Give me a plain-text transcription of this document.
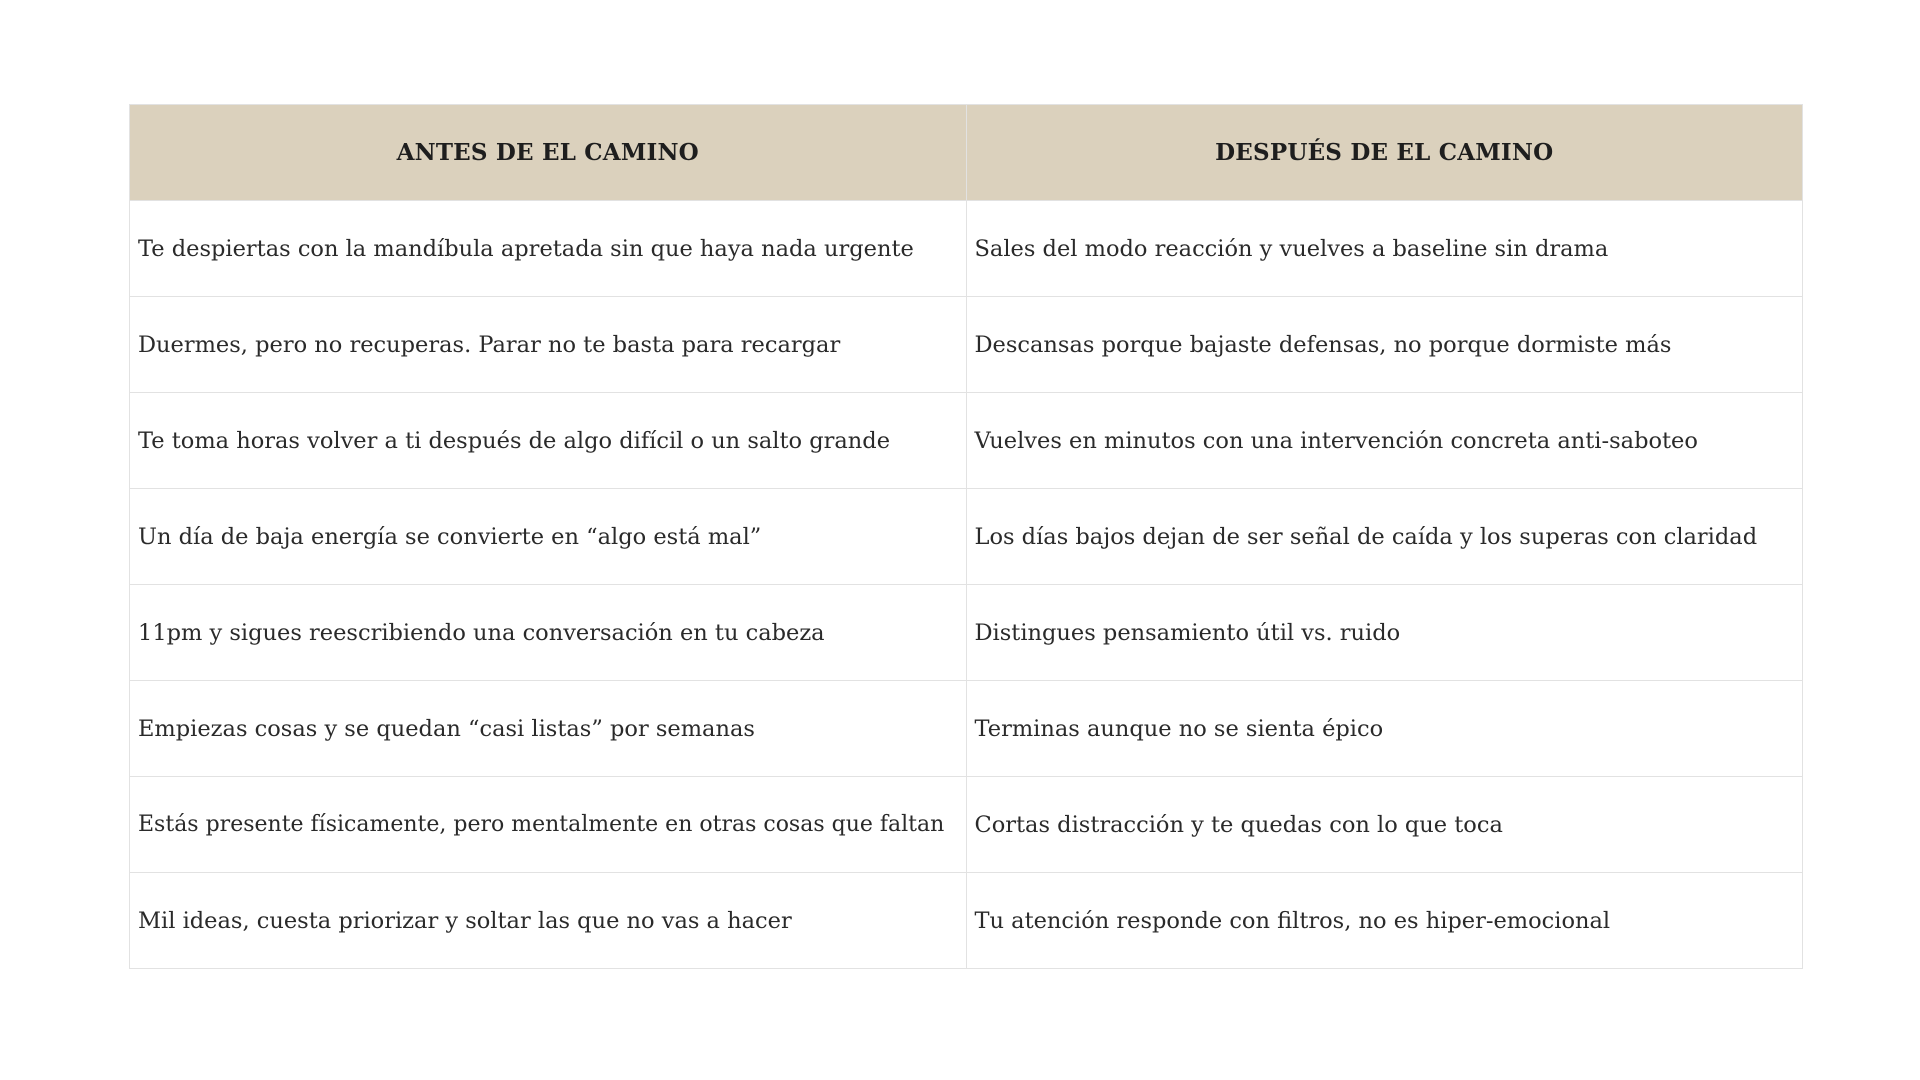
ANTES DE EL CAMINO	DESPUÉS DE EL CAMINO
Te despiertas con la mandíbula apretada sin que haya nada urgente	Sales del modo reacción y vuelves a baseline sin drama
Duermes, pero no recuperas. Parar no te basta para recargar	Descansas porque bajaste defensas, no porque dormiste más
Te toma horas volver a ti después de algo difícil o un salto grande	Vuelves en minutos con una intervención concreta anti-saboteo
Un día de baja energía se convierte en “algo está mal”	Los días bajos dejan de ser señal de caída y los superas con claridad
11pm y sigues reescribiendo una conversación en tu cabeza	Distingues pensamiento útil vs. ruido
Empiezas cosas y se quedan “casi listas” por semanas	Terminas aunque no se sienta épico
Estás presente físicamente, pero mentalmente en otras cosas que faltan	Cortas distracción y te quedas con lo que toca
Mil ideas, cuesta priorizar y soltar las que no vas a hacer	Tu atención responde con filtros, no es hiper-emocional
